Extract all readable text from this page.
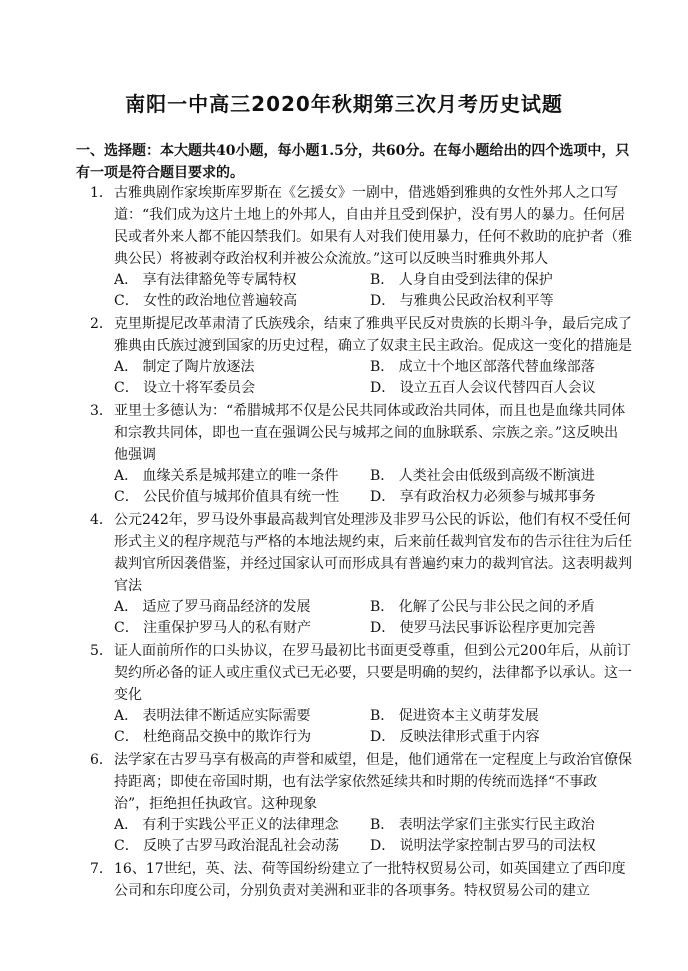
南阳一中高三2020年秋期第三次月考历史试题
一、选择题：本大题共40小题，每小题1.5分，共60分。在每小题给出的四个选项中，只有一项是符合题目要求的。
1． 古雅典剧作家埃斯库罗斯在《乞援女》一剧中，借逃婚到雅典的女性外邦人之口写道：“我们成为这片土地上的外邦人，自由并且受到保护，没有男人的暴力。任何居民或者外来人都不能囚禁我们。如果有人对我们使用暴力，任何不救助的庇护者（雅典公民）将被剥夺政治权利并被公众流放。”这可以反映当时雅典外邦人
A． 享有法律豁免等专属特权	B． 人身自由受到法律的保护
C． 女性的政治地位普遍较高	D． 与雅典公民政治权利平等
2． 克里斯提尼改革肃清了氏族残余，结束了雅典平民反对贵族的长期斗争，最后完成了雅典由氏族过渡到国家的历史过程，确立了奴隶主民主政治。促成这一变化的措施是
A． 制定了陶片放逐法	B． 成立十个地区部落代替血缘部落
C． 设立十将军委员会	D． 设立五百人会议代替四百人会议
3． 亚里士多德认为：“希腊城邦不仅是公民共同体或政治共同体，而且也是血缘共同体和宗教共同体，即也一直在强调公民与城邦之间的血脉联系、宗族之亲。”这反映出他强调
A． 血缘关系是城邦建立的唯一条件	B． 人类社会由低级到高级不断演进
C． 公民价值与城邦价值具有统一性	D． 享有政治权力必须参与城邦事务
4． 公元242年，罗马设外事最高裁判官处理涉及非罗马公民的诉讼，他们有权不受任何形式主义的程序规范与严格的本地法规约束，后来前任裁判官发布的告示往往为后任裁判官所因袭借鉴，并经过国家认可而形成具有普遍约束力的裁判官法。这表明裁判官法
A． 适应了罗马商品经济的发展	B． 化解了公民与非公民之间的矛盾
C． 注重保护罗马人的私有财产	D． 使罗马法民事诉讼程序更加完善
5． 证人面前所作的口头协议，在罗马最初比书面更受尊重，但到公元200年后，从前订契约所必备的证人或庄重仪式已无必要，只要是明确的契约，法律都予以承认。这一变化
A． 表明法律不断适应实际需要	B． 促进资本主义萌芽发展
C． 杜绝商品交换中的欺诈行为	D． 反映法律形式重于内容
6． 法学家在古罗马享有极高的声誉和威望，但是，他们通常在一定程度上与政治官僚保持距离；即使在帝国时期，也有法学家依然延续共和时期的传统而选择“不事政治”，拒绝担任执政官。这种现象
A． 有利于实践公平正义的法律理念	B． 表明法学家们主张实行民主政治
C． 反映了古罗马政治混乱社会动荡	D． 说明法学家控制古罗马的司法权
7． 16、17世纪，英、法、荷等国纷纷建立了一批特权贸易公司，如英国建立了西印度公司和东印度公司，分别负责对美洲和亚非的各项事务。特权贸易公司的建立
